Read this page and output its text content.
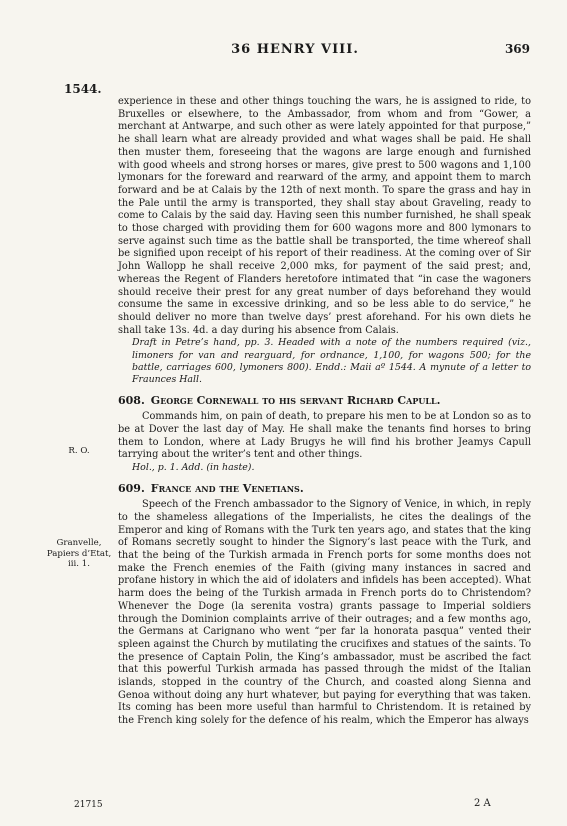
36 HENRY VIII.	369
1544.

experience in these and other things touching the wars, he is assigned to ride, to Bruxelles or elsewhere, to the Ambassador, from whom and from “Gower, a merchant at Antwarpe, and such other as were lately appointed for that purpose,” he shall learn what are already provided and what wages shall be paid. He shall then muster them, foreseeing that the wagons are large enough and furnished with good wheels and strong horses or mares, give prest to 500 wagons and 1,100 lymonars for the foreward and rearward of the army, and appoint them to march forward and be at Calais by the 12th of next month. To spare the grass and hay in the Pale until the army is transported, they shall stay about Graveling, ready to come to Calais by the said day. Having seen this number furnished, he shall speak to those charged with providing them for 600 wagons more and 800 lymonars to serve against such time as the battle shall be transported, the time whereof shall be signified upon receipt of his report of their readiness. At the coming over of Sir John Wallopp he shall receive 2,000 mks, for payment of the said prest; and, whereas the Regent of Flanders heretofore intimated that “in case the wagoners should receive their prest for any great number of days beforehand they would consume the same in excessive drinking, and so be less able to do service,” he should deliver no more than twelve days’ prest aforehand. For his own diets he shall take 13s. 4d. a day during his absence from Calais.

Draft in Petre’s hand, pp. 3. Headed with a note of the numbers required (viz., limoners for van and rearguard, for ordnance, 1,100, for wagons 500; for the battle, carriages 600, lymoners 800). Endd.: Maii aº 1544. A mynute of a letter to Fraunces Hall.

608. George Cornewall to his servant Richard Capull.

Commands him, on pain of death, to prepare his men to be at London so as to be at Dover the last day of May. He shall make the tenants find horses to bring them to London, where at Lady Brugys he will find his brother Jeamys Capull tarrying about the writer’s tent and other things.

Hol., p. 1. Add. (in haste).

609. France and the Venetians.

Speech of the French ambassador to the Signory of Venice, in which, in reply to the shameless allegations of the Imperialists, he cites the dealings of the Emperor and king of Romans with the Turk ten years ago, and states that the king of Romans secretly sought to hinder the Signory’s last peace with the Turk, and that the being of the Turkish armada in French ports for some months does not make the French enemies of the Faith (giving many instances in sacred and profane history in which the aid of idolaters and infidels has been accepted). What harm does the being of the Turkish armada in French ports do to Christendom? Whenever the Doge (la serenita vostra) grants passage to Imperial soldiers through the Dominion complaints arrive of their outrages; and a few months ago, the Germans at Carignano who went “per far la honorata pasqua” vented their spleen against the Church by mutilating the crucifixes and statues of the saints. To the presence of Captain Polin, the King’s ambassador, must be ascribed the fact that this powerful Turkish armada has passed through the midst of the Italian islands, stopped in the country of the Church, and coasted along Sienna and Genoa without doing any hurt whatever, but paying for everything that was taken. Its coming has been more useful than harmful to Christendom. It is retained by the French king solely for the defence of his realm, which the Emperor has always

R. O.
Granvelle, Papiers d’Etat, iii. 1.
21715	2 A
